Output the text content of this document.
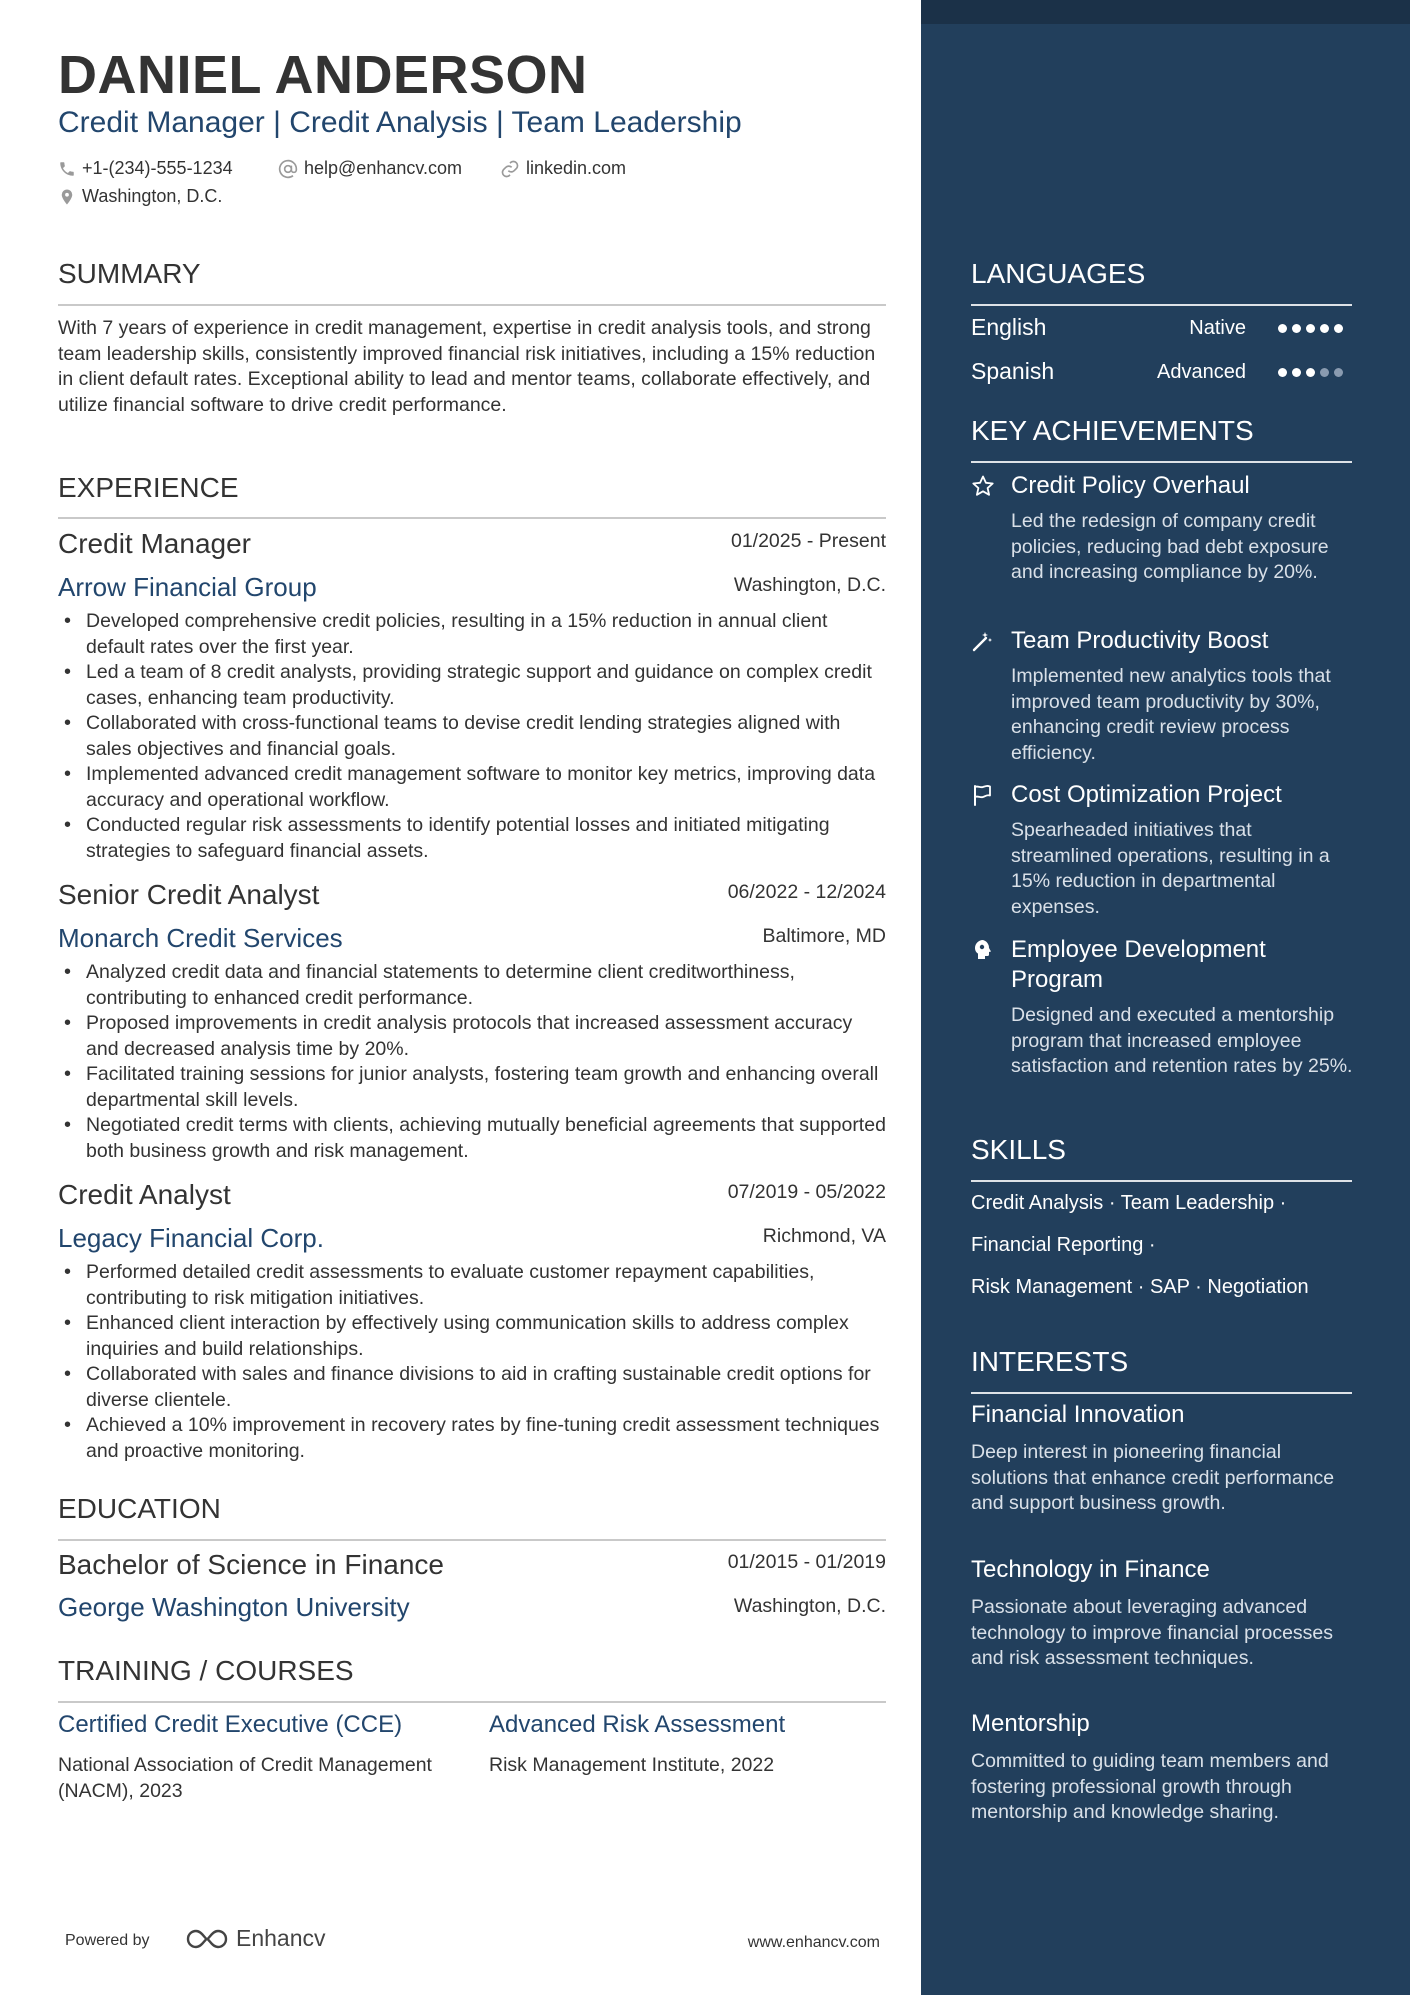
DANIEL ANDERSON
Credit Manager | Credit Analysis | Team Leadership
+1-(234)-555-1234	help@enhancv.com	linkedin.com
Washington, D.C.
SUMMARY
With 7 years of experience in credit management, expertise in credit analysis tools, and strong team leadership skills, consistently improved financial risk initiatives, including a 15% reduction in client default rates. Exceptional ability to lead and mentor teams, collaborate effectively, and utilize financial software to drive credit performance.
EXPERIENCE
Credit Manager	01/2025 - Present
Arrow Financial Group	Washington, D.C.
• Developed comprehensive credit policies, resulting in a 15% reduction in annual client default rates over the first year.
• Led a team of 8 credit analysts, providing strategic support and guidance on complex credit cases, enhancing team productivity.
• Collaborated with cross-functional teams to devise credit lending strategies aligned with sales objectives and financial goals.
• Implemented advanced credit management software to monitor key metrics, improving data accuracy and operational workflow.
• Conducted regular risk assessments to identify potential losses and initiated mitigating strategies to safeguard financial assets.
Senior Credit Analyst	06/2022 - 12/2024
Monarch Credit Services	Baltimore, MD
• Analyzed credit data and financial statements to determine client creditworthiness, contributing to enhanced credit performance.
• Proposed improvements in credit analysis protocols that increased assessment accuracy and decreased analysis time by 20%.
• Facilitated training sessions for junior analysts, fostering team growth and enhancing overall departmental skill levels.
• Negotiated credit terms with clients, achieving mutually beneficial agreements that supported both business growth and risk management.
Credit Analyst	07/2019 - 05/2022
Legacy Financial Corp.	Richmond, VA
• Performed detailed credit assessments to evaluate customer repayment capabilities, contributing to risk mitigation initiatives.
• Enhanced client interaction by effectively using communication skills to address complex inquiries and build relationships.
• Collaborated with sales and finance divisions to aid in crafting sustainable credit options for diverse clientele.
• Achieved a 10% improvement in recovery rates by fine-tuning credit assessment techniques and proactive monitoring.
EDUCATION
Bachelor of Science in Finance	01/2015 - 01/2019
George Washington University	Washington, D.C.
TRAINING / COURSES
Certified Credit Executive (CCE)
National Association of Credit Management (NACM), 2023
Advanced Risk Assessment
Risk Management Institute, 2022
Powered by	Enhancv	www.enhancv.com
LANGUAGES
English	Native
Spanish	Advanced
KEY ACHIEVEMENTS
Credit Policy Overhaul
Led the redesign of company credit policies, reducing bad debt exposure and increasing compliance by 20%.
Team Productivity Boost
Implemented new analytics tools that improved team productivity by 30%, enhancing credit review process efficiency.
Cost Optimization Project
Spearheaded initiatives that streamlined operations, resulting in a 15% reduction in departmental expenses.
Employee Development Program
Designed and executed a mentorship program that increased employee satisfaction and retention rates by 25%.
SKILLS
Credit Analysis · Team Leadership ·
Financial Reporting ·
Risk Management · SAP · Negotiation
INTERESTS
Financial Innovation
Deep interest in pioneering financial solutions that enhance credit performance and support business growth.
Technology in Finance
Passionate about leveraging advanced technology to improve financial processes and risk assessment techniques.
Mentorship
Committed to guiding team members and fostering professional growth through mentorship and knowledge sharing.
